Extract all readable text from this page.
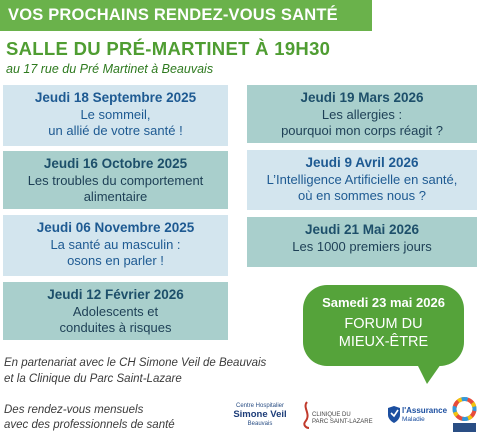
VOS PROCHAINS RENDEZ-VOUS SANTÉ
SALLE DU PRÉ-MARTINET À 19H30
au 17 rue du Pré Martinet à Beauvais
Jeudi 18 Septembre 2025
Le sommeil,
un allié de votre santé !
Jeudi 16 Octobre 2025
Les troubles du comportement
alimentaire
Jeudi 06 Novembre 2025
La santé au masculin :
osons en parler !
Jeudi 12 Février 2026
Adolescents et
conduites à risques
Jeudi 19 Mars 2026
Les allergies :
pourquoi mon corps réagit ?
Jeudi 9 Avril 2026
L’Intelligence Artificielle en santé,
où en sommes nous ?
Jeudi 21 Mai 2026
Les 1000 premiers jours
Samedi 23 mai 2026
FORUM DU
MIEUX-ÊTRE
En partenariat avec le CH Simone Veil de Beauvais
et la Clinique du Parc Saint-Lazare
Des rendez-vous mensuels
avec des professionnels de santé
Centre Hospitalier
Simone Veil
Beauvais
CLINIQUE DU
PARC SAINT-LAZARE
l'Assurance
Maladie
